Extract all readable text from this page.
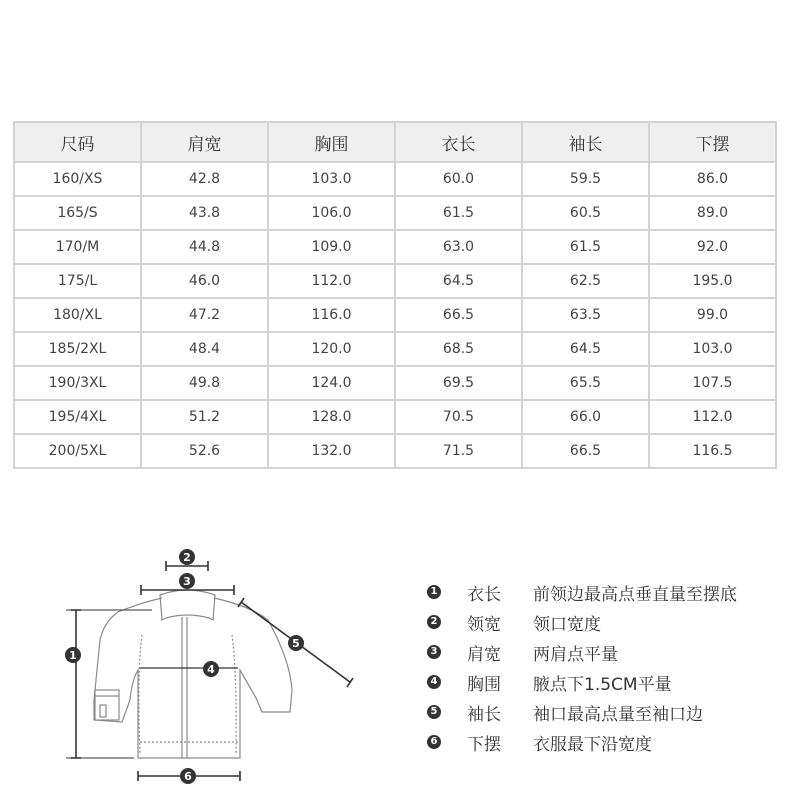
尺码	肩宽	胸围	衣长	袖长	下摆
160/XS	42.8	103.0	60.0	59.5	86.0
165/S	43.8	106.0	61.5	60.5	89.0
170/M	44.8	109.0	63.0	61.5	92.0
175/L	46.0	112.0	64.5	62.5	195.0
180/XL	47.2	116.0	66.5	63.5	99.0
185/2XL	48.4	120.0	68.5	64.5	103.0
190/3XL	49.8	124.0	69.5	65.5	107.5
195/4XL	51.2	128.0	70.5	66.0	112.0
200/5XL	52.6	132.0	71.5	66.5	116.5
2
3
1
4
5
6
1 衣长	前领边最高点垂直量至摆底
2 领宽	领口宽度
3 肩宽	两肩点平量
4 胸围	腋点下1.5CM平量
5 袖长	袖口最高点量至袖口边
6 下摆	衣服最下沿宽度
